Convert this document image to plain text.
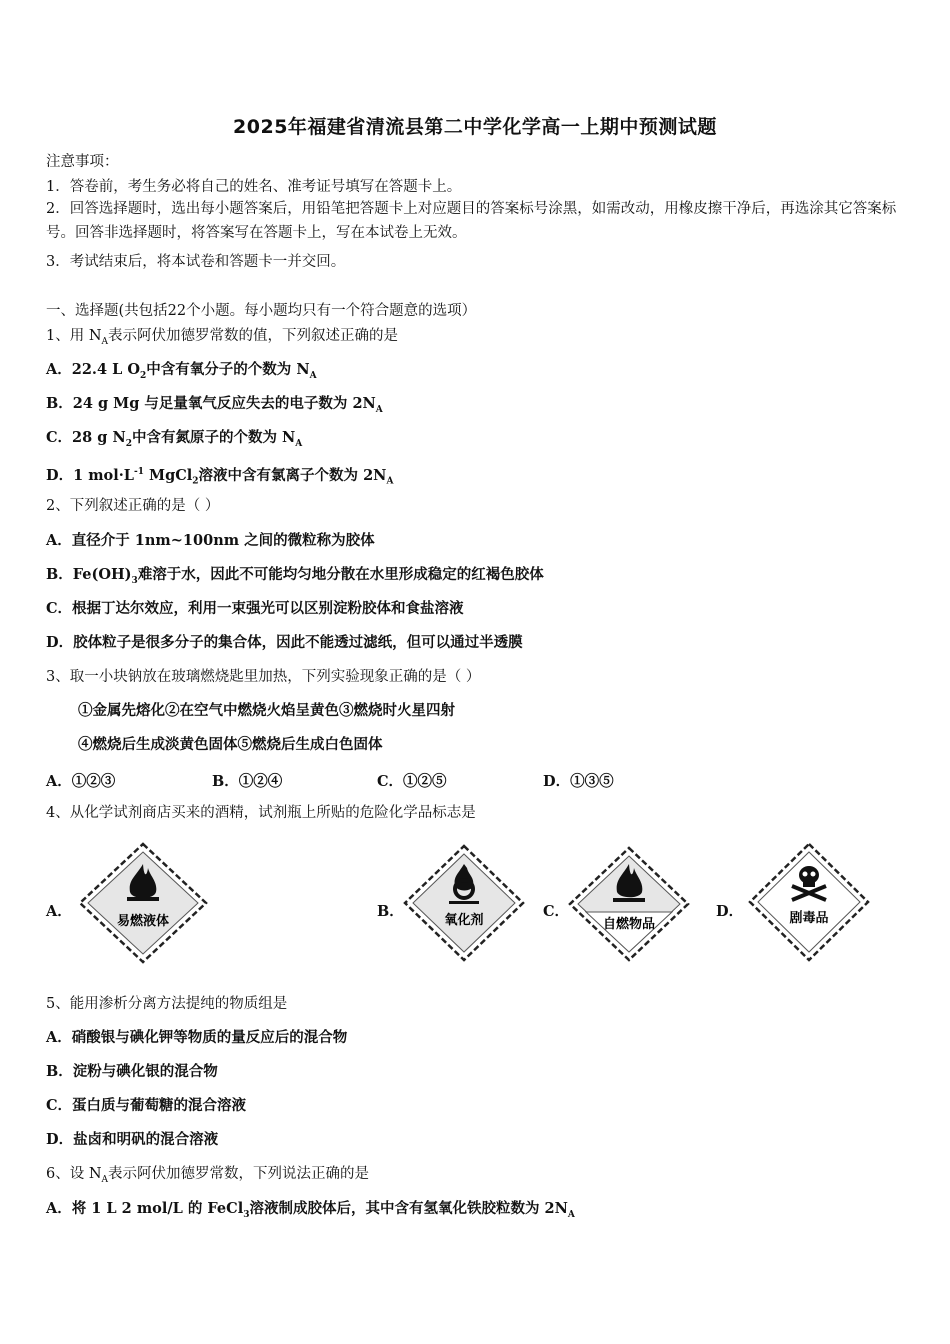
2025年福建省清流县第二中学化学高一上期中预测试题
注意事项：
1．答卷前，考生务必将自己的姓名、准考证号填写在答题卡上。
2．回答选择题时，选出每小题答案后，用铅笔把答题卡上对应题目的答案标号涂黑，如需改动，用橡皮擦干净后，再选涂其它答案标号。回答非选择题时，将答案写在答题卡上，写在本试卷上无效。
3．考试结束后，将本试卷和答题卡一并交回。
一、选择题(共包括22个小题。每小题均只有一个符合题意的选项）
1、用 $N_A$表示阿伏加德罗常数的值，下列叙述正确的是
A．22.4 L $O_2$中含有氧分子的个数为 $N_A$
B．24 g Mg 与足量氧气反应失去的电子数为 $2N_A$
C．28 g $N_2$中含有氮原子的个数为 $N_A$
D．1 $mol\cdot L^{-1}$ MgCl$_2$溶液中含有氯离子个数为 $2N_A$
2、下列叙述正确的是（ ）
A．直径介于 1nm~100nm 之间的微粒称为胶体
B．$Fe(OH)_3$难溶于水，因此不可能均匀地分散在水里形成稳定的红褐色胶体
C．根据丁达尔效应，利用一束强光可以区别淀粉胶体和食盐溶液
D．胶体粒子是很多分子的集合体，因此不能透过滤纸，但可以通过半透膜
3、取一小块钠放在玻璃燃烧匙里加热，下列实验现象正确的是（ ）
①金属先熔化②在空气中燃烧火焰呈黄色③燃烧时火星四射
④燃烧后生成淡黄色固体⑤燃烧后生成白色固体
A．①②③	B．①②④	C．①②⑤	D．①③⑤
4、从化学试剂商店买来的酒精，试剂瓶上所贴的危险化学品标志是
A．
易燃液体
B．
氧化剂
C．
自燃物品
D．	剧毒品
5、能用渗析分离方法提纯的物质组是
A．硝酸银与碘化钾等物质的量反应后的混合物
B．淀粉与碘化银的混合物
C．蛋白质与葡萄糖的混合溶液
D．盐卤和明矾的混合溶液
6、设 $N_A$表示阿伏加德罗常数，下列说法正确的是
A．将 1 L 2 mol/L 的 FeCl$_3$溶液制成胶体后，其中含有氢氧化铁胶粒数为 $2N_A$
